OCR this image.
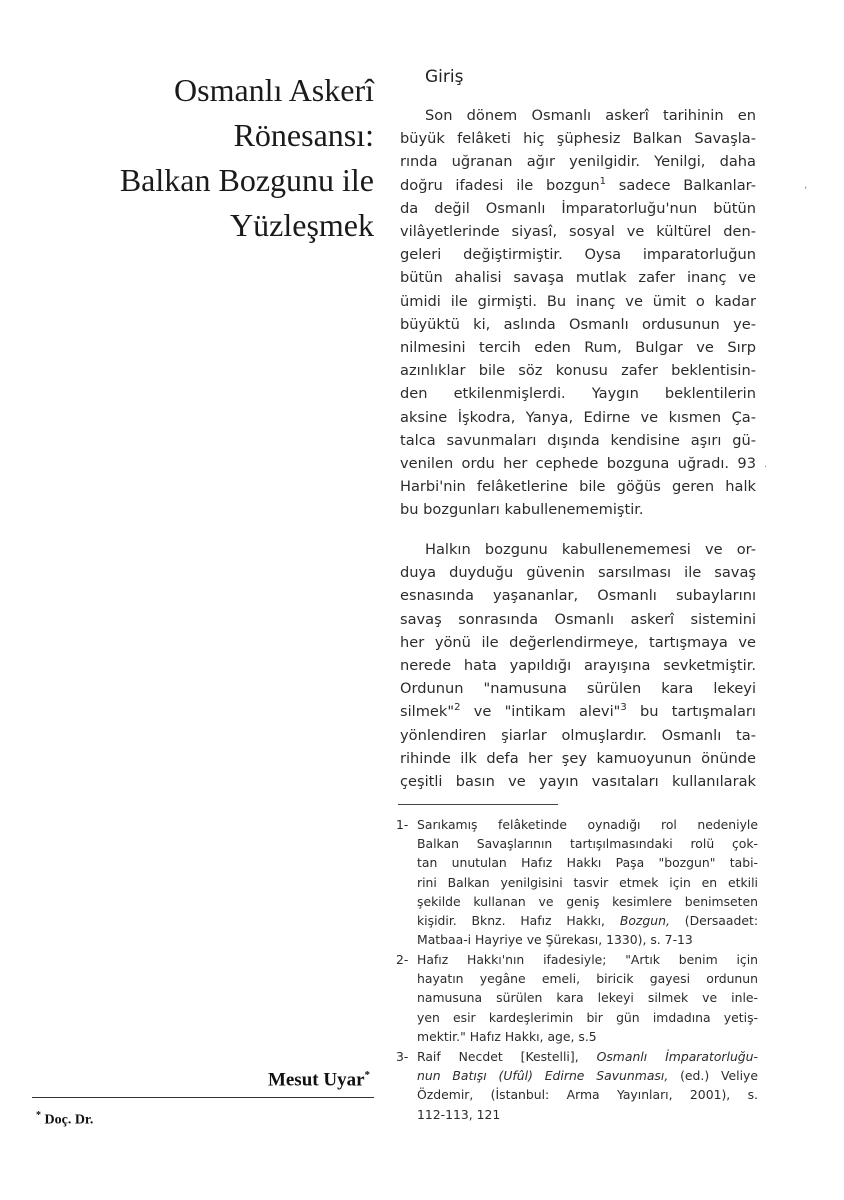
Osmanlı Askerî
Rönesansı:
Balkan Bozgunu ile
Yüzleşmek
Mesut Uyar*
* Doç. Dr.
Giriş
Son dönem Osmanlı askerî tarihinin en
büyük felâketi hiç şüphesiz Balkan Savaşla-
rında uğranan ağır yenilgidir. Yenilgi, daha
doğru ifadesi ile bozgun$^1$ sadece Balkanlar-
da değil Osmanlı İmparatorluğu'nun bütün
vilâyetlerinde siyasî, sosyal ve kültürel den-
geleri değiştirmiştir. Oysa imparatorluğun
bütün ahalisi savaşa mutlak zafer inanç ve
ümidi ile girmişti. Bu inanç ve ümit o kadar
büyüktü ki, aslında Osmanlı ordusunun ye-
nilmesini tercih eden Rum, Bulgar ve Sırp
azınlıklar bile söz konusu zafer beklentisin-
den etkilenmişlerdi. Yaygın beklentilerin
aksine İşkodra, Yanya, Edirne ve kısmen Ça-
talca savunmaları dışında kendisine aşırı gü-
venilen ordu her cephede bozguna uğradı. 93
Harbi'nin felâketlerine bile göğüs geren halk
bu bozgunları kabullenememiştir.
Halkın bozgunu kabullenememesi ve or-
duya duyduğu güvenin sarsılması ile savaş
esnasında yaşananlar, Osmanlı subaylarını
savaş sonrasında Osmanlı askerî sistemini
her yönü ile değerlendirmeye, tartışmaya ve
nerede hata yapıldığı arayışına sevketmiştir.
Ordunun "namusuna sürülen kara lekeyi
silmek"$^2$ ve "intikam alevi"$^3$ bu tartışmaları
yönlendiren şiarlar olmuşlardır. Osmanlı ta-
rihinde ilk defa her şey kamuoyunun önünde
çeşitli basın ve yayın vasıtaları kullanılarak
1- Sarıkamış felâketinde oynadığı rol nedeniyle
Balkan Savaşlarının tartışılmasındaki rolü çok-
tan unutulan Hafız Hakkı Paşa "bozgun" tabi-
rini Balkan yenilgisini tasvir etmek için en etkili
şekilde kullanan ve geniş kesimlere benimseten
kişidir. Bknz. Hafız Hakkı, Bozgun, (Dersaadet:
Matbaa-i Hayriye ve Şürekası, 1330), s. 7-13
2- Hafız Hakkı'nın ifadesiyle; "Artık benim için
hayatın yegâne emeli, biricik gayesi ordunun
namusuna sürülen kara lekeyi silmek ve inle-
yen esir kardeşlerimin bir gün imdadına yetiş-
mektir." Hafız Hakkı, age, s.5
3- Raif Necdet [Kestelli], Osmanlı İmparatorluğu-
nun Batışı (Ufûl) Edirne Savunması, (ed.) Veliye
Özdemir, (İstanbul: Arma Yayınları, 2001), s.
112-113, 121
,
·
